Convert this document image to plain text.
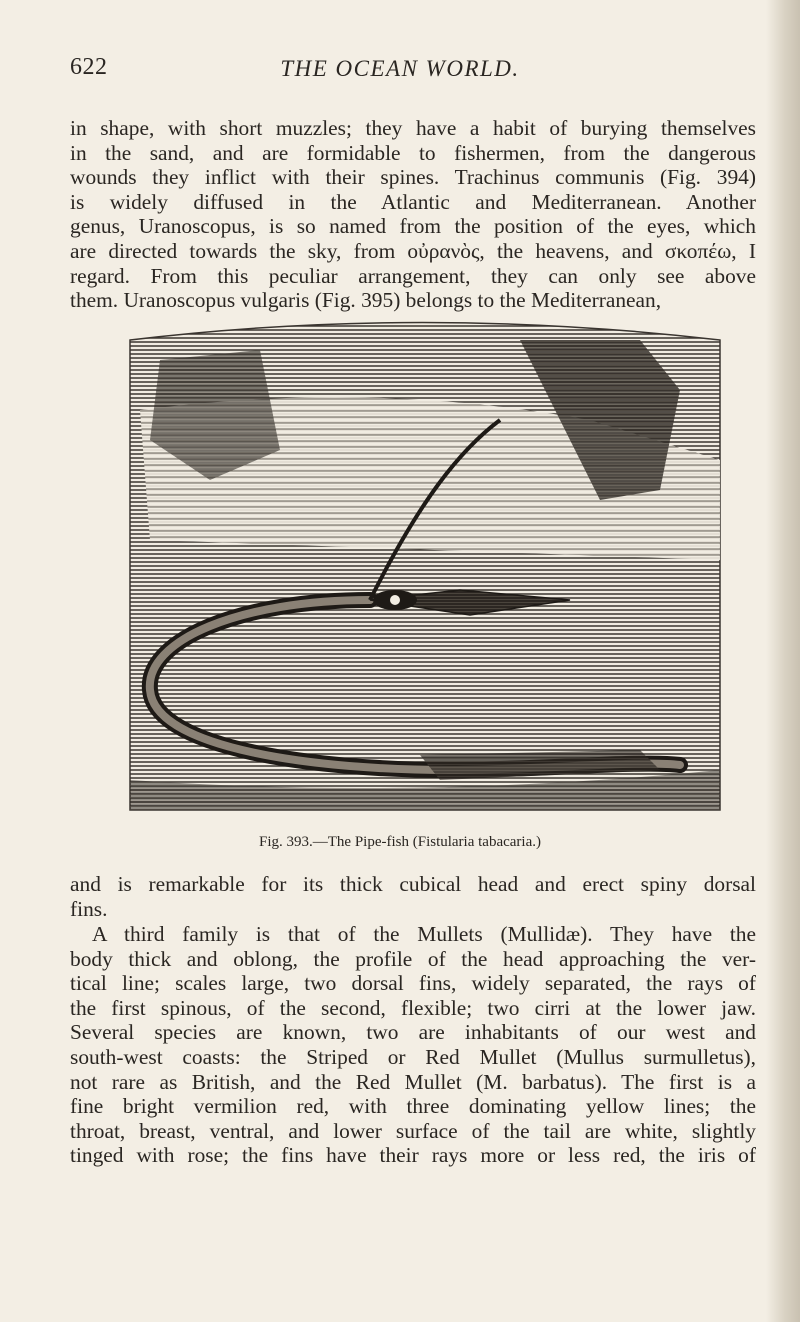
622	THE OCEAN WORLD.

in shape, with short muzzles; they have a habit of burying themselves
in the sand, and are formidable to fishermen, from the dangerous
wounds they inflict with their spines. Trachinus communis (Fig. 394)
is widely diffused in the Atlantic and Mediterranean. Another
genus, Uranoscopus, is so named from the position of the eyes, which
are directed towards the sky, from οὐρανὸς, the heavens, and σκοπέω, I
regard. From this peculiar arrangement, they can only see above
them. Uranoscopus vulgaris (Fig. 395) belongs to the Mediterranean,

Fig. 393.—The Pipe-fish (Fistularia tabacaria.)

and is remarkable for its thick cubical head and erect spiny dorsal
fins.

A third family is that of the Mullets (Mullidæ). They have the
body thick and oblong, the profile of the head approaching the ver-
tical line; scales large, two dorsal fins, widely separated, the rays of
the first spinous, of the second, flexible; two cirri at the lower jaw.
Several species are known, two are inhabitants of our west and
south-west coasts: the Striped or Red Mullet (Mullus surmulletus),
not rare as British, and the Red Mullet (M. barbatus). The first is a
fine bright vermilion red, with three dominating yellow lines; the
throat, breast, ventral, and lower surface of the tail are white, slightly
tinged with rose; the fins have their rays more or less red, the iris of
